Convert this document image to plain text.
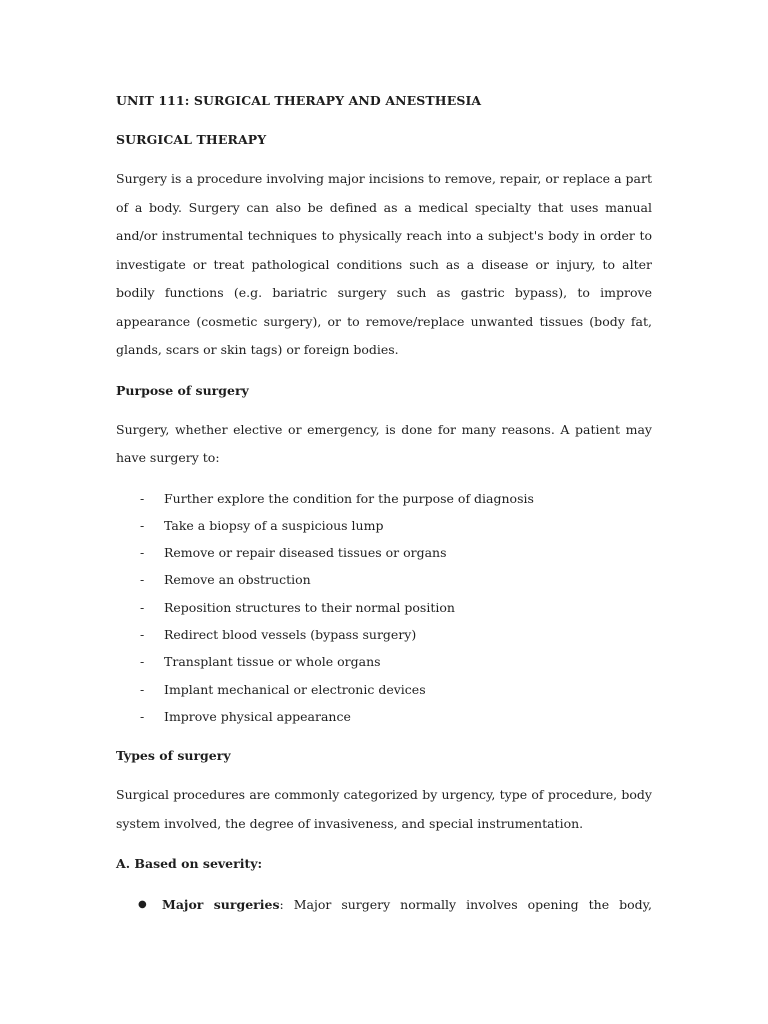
UNIT 111: SURGICAL THERAPY AND ANESTHESIA
SURGICAL THERAPY

Surgery is a procedure involving major incisions to remove, repair, or replace a part of a body. Surgery can also be defined as a medical specialty that uses manual and/or instrumental techniques to physically reach into a subject's body in order to investigate or treat pathological conditions such as a disease or injury, to alter bodily functions (e.g. bariatric surgery such as gastric bypass), to improve appearance (cosmetic surgery), or to remove/replace unwanted tissues (body fat, glands, scars or skin tags) or foreign bodies.

Purpose of surgery

Surgery, whether elective or emergency, is done for many reasons. A patient may have surgery to:

-	Further explore the condition for the purpose of diagnosis
-	Take a biopsy of a suspicious lump
-	Remove or repair diseased tissues or organs
-	Remove an obstruction
-	Reposition structures to their normal position
-	Redirect blood vessels (bypass surgery)
-	Transplant tissue or whole organs
-	Implant mechanical or electronic devices
-	Improve physical appearance
Types of surgery

Surgical procedures are commonly categorized by urgency, type of procedure, body system involved, the degree of invasiveness, and special instrumentation.

A. Based on severity:
●	Major surgeries: Major surgery normally involves opening the body,
